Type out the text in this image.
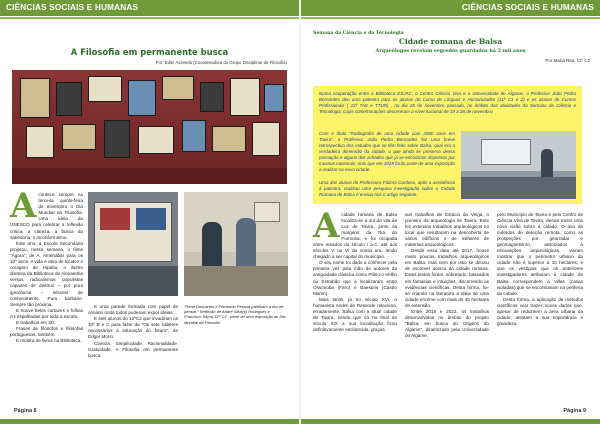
CIÊNCIAS SOCIAIS E HUMANAS
A Filosofia em permanente busca
Por: Edite Azevedo (Coordenadora do Grupo Disciplinar de Filosofia)
A contece sempre na terceira quinta-feira de novembro o Dia Mundial da Filosofia. Uma ideia da UNESCO para celebrar a reflexão crítica, a clareza, a busca da sabedoria, o inconformismo.

Este ano, a Escola Secundária projetou, nessa semana, o filme "Ágora", de A. Amenábar para os 10º anos. A vida e obra de lúcidez e coragem de Hipátia, a ilustre diretora da Biblioteca de Alexandria versus radicalismos populistas capazes de destruir – por pura ignorância – séculos de conhecimento. Pura barbárie. Sempre tão próxima.

E houve belos cartazes e folhas A4 espalhadas por toda a escola.

E trabalhos em 3D.

Frases de filósofos e filósofas portuguesas, também.

E mostra de livros na Biblioteca.

E uma parede formada com papel de cenário onde todos puderam expor ideias.

E seis alunos do 12ºC2 que invadiram os 10º B e C para fazer de "Os sete saberes necessários à educação do futuro", de Edgar Morin.

Clareza. Simplicidade. Racionalidade. Gratuidade. A Filosofia em permanente busca.

"René Descartes e Fernando Pessoa partilham a dor de pensar." Reflexão de André Silva(c) Rodrigues e Francisco Sá(m) 12º C2 - parte de uma exposição do Dia Mundial da Filosofia.
Página 8
CIÊNCIAS SOCIAIS E HUMANAS
Semana da Ciência e da Tecnologia
Cidade romana de Balsa
Arqueólogos revelam segredos guardados há 2 mil anos
Por Maria Rita, 11º C2
Numa cooperação entre a Biblioteca ESJAC, o Centro Ciência Viva e a Universidade do Algarve, o Professor João Pedro Bernardes deu uma palestra para os alunos do Curso de Línguas e Humanidades (11º C1 e 2) e os alunos de Cursos Profissionais ( 12º TAE e TTUR) , no dia 25 de novembro passado, no âmbito das atividades da Semana da Ciência e Tecnologia, cujas comemorações decorreram a nível nacional de 19 a 26 de novembro.
Com o título "Radiografia de uma cidade com 2000 anos em Tavira", o Professor João Pedro Bernardes fez uma breve retrospectiva dos estudos que se têm feito sobre Balsa, qual era a verdadeira dimensão da cidade, o que ainda se preserva dessa povoação e alguns dos achados que já se encontram dispersos por museus nacionais, mas que em 2019 farão parte de uma exposição a realizar na nova cidade.
Uma das alunas do Professora Fátima Cardoso, após a assistência à palestra, realizou uma pesquisa investigação sobre a Cidade Romana de Balsa e enviou-nos o artigo seguinte.
A cidade romana de Balsa localiza-se a sul da vila de Luz de Tavira, junto às margens da Ria da Formosa, e foi ocupada entre meados do século I a.C. até aos séculos V ou VI da nossa era, tendo chegado a ser capital do município.

O seu nome foi dado a conhecer pela primeira vez pela mão de autores da antiguidade clássica como Plínio-o-Velho ou Estrabão que a localizaram entre Ossonoba (Faro) e Baesuris (Castro Marim).

Mais tarde, já no século XVI, o humanista André de Resende relaciona, erradamente, Balsa com a atual cidade de Tavira, sendo que só no final do século XIX a sua localização ficou definitivamente esclarecida, graças

aos trabalhos de Estácio da Veiga, o pioneiro da arqueologia de Tavira. Este fez extensos trabalhos arqueológicos no local que resultaram na descoberta de vários edifícios e de milhares de materiais arqueológicos.

Desde essa data até 2017, houve muito poucos trabalhos arqueológicos em Balsa, mas nem por isso se deixou de escrever acerca da cidade romana. Estes textos foram, sobretudo, baseados em fantasias e intuições, discorrendo as evidências científicas. Desta forma, foi-se criando na literatura a ideia de uma cidade enorme com mais de 45 hectares de extensão.

Entre 2018 e 2022, os trabalhos desenvolvidos no âmbito do projeto "Balsa, em busca do Origens do Algarve", dinamizado pela Universidade do Algarve,

pelo Município de Tavira e pelo Centro de Ciência Viva de Tavira, vieram trazer uma nova visão sobre a cidade. O uso de métodos de deteção remota, como as prospeções por georradar e geomagnetismo, associados à escavações arqueológicas, vieram mostrar que o perímetro urbano da cidade não é superior a 10 hectares, e que os vestígios que os anteriores investigadores atribuíam à cidade de Balsa correspondem a villas (casas isoladas) que se encontravam na periferia da cidade.

Desta forma, a aplicação de métodos científicos veio trazer novos dados que, apesar de reduzirem a área urbana da cidade, atestam a sua importância e grandeza.

Página 9
